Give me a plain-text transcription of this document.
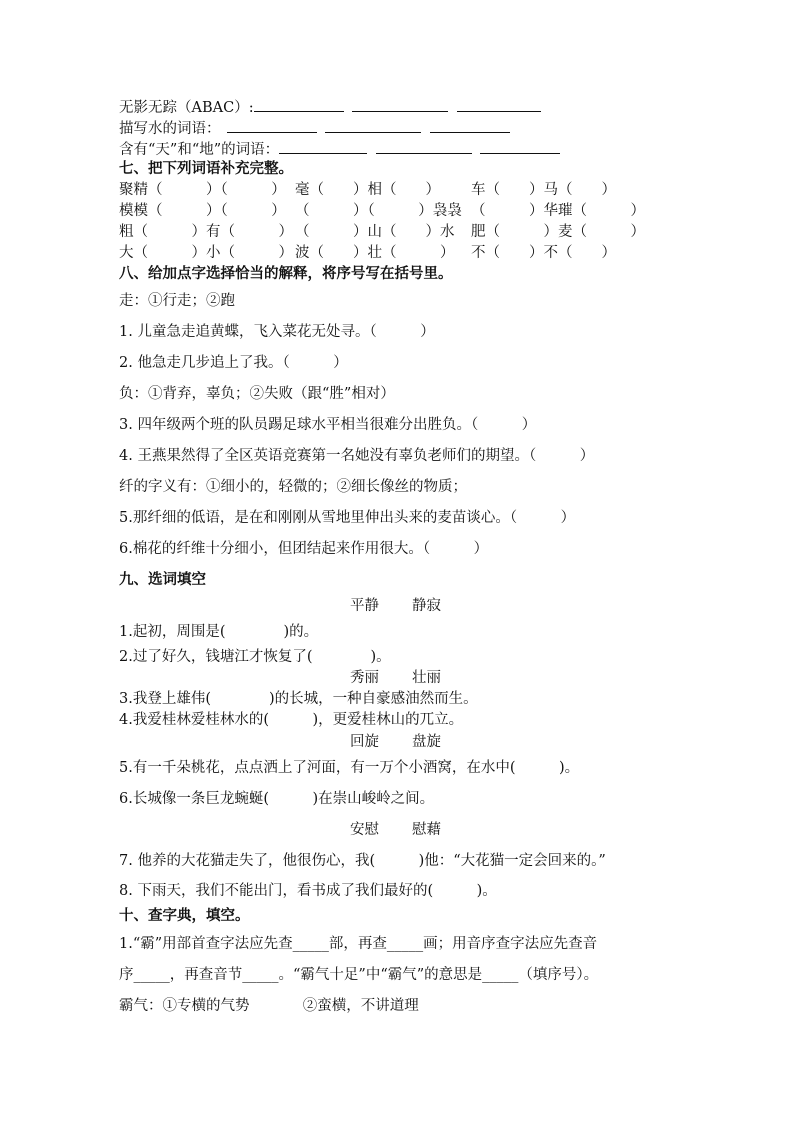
无影无踪（ABAC）:
描写水的词语：
含有“天”和“地”的词语：
七、把下列词语补充完整。
聚精（　　　）（　　　） 毫（　　）相（　　） 车（　　）马（　　）
模模（　　　）（　　　） （　　　）（　　　）袅袅 （　　　）华璀（　　　）
粗（　　　）有（　　　） （　　　）山（　　）水 肥（　　　）麦（　　　）
大（　　　）小（　　　） 波（　　）壮（　　　） 不（　　）不（　　）
八、给加点字选择恰当的解释，将序号写在括号里。
走：①行走；②跑
1. 儿童急走追黄蝶，飞入菜花无处寻。（　　　）
2. 他急走几步追上了我。（　　　）
负：①背弃，辜负；②失败（跟“胜”相对）
3. 四年级两个班的队员踢足球水平相当很难分出胜负。（　　　）
4. 王燕果然得了全区英语竞赛第一名她没有辜负老师们的期望。（　　　）
纤的字义有：①细小的，轻微的；②细长像丝的物质；
5.那纤细的低语，是在和刚刚从雪地里伸出头来的麦苗谈心。（　　　）
6.棉花的纤维十分细小，但团结起来作用很大。（　　　）
九、选词填空
平静 静寂
1.起初，周围是(　　　　)的。
2.过了好久，钱塘江才恢复了(　　　　)。
秀丽 壮丽
3.我登上雄伟(　　　　)的长城，一种自豪感油然而生。
4.我爱桂林爱桂林水的(　　　)，更爱桂林山的兀立。
回旋 盘旋
5.有一千朵桃花，点点洒上了河面，有一万个小酒窝，在水中(　　　)。
6.长城像一条巨龙蜿蜒(　　　)在崇山峻岭之间。
安慰 慰藉
7. 他养的大花猫走失了，他很伤心，我(　　　)他：“大花猫一定会回来的。”
8. 下雨天，我们不能出门，看书成了我们最好的(　　　)。
十、查字典，填空。
1.“霸”用部首查字法应先查_____部，再查_____画；用音序查字法应先查音
序_____，再查音节_____。“霸气十足”中“霸气”的意思是_____（填序号）。
霸气：①专横的气势	②蛮横，不讲道理
